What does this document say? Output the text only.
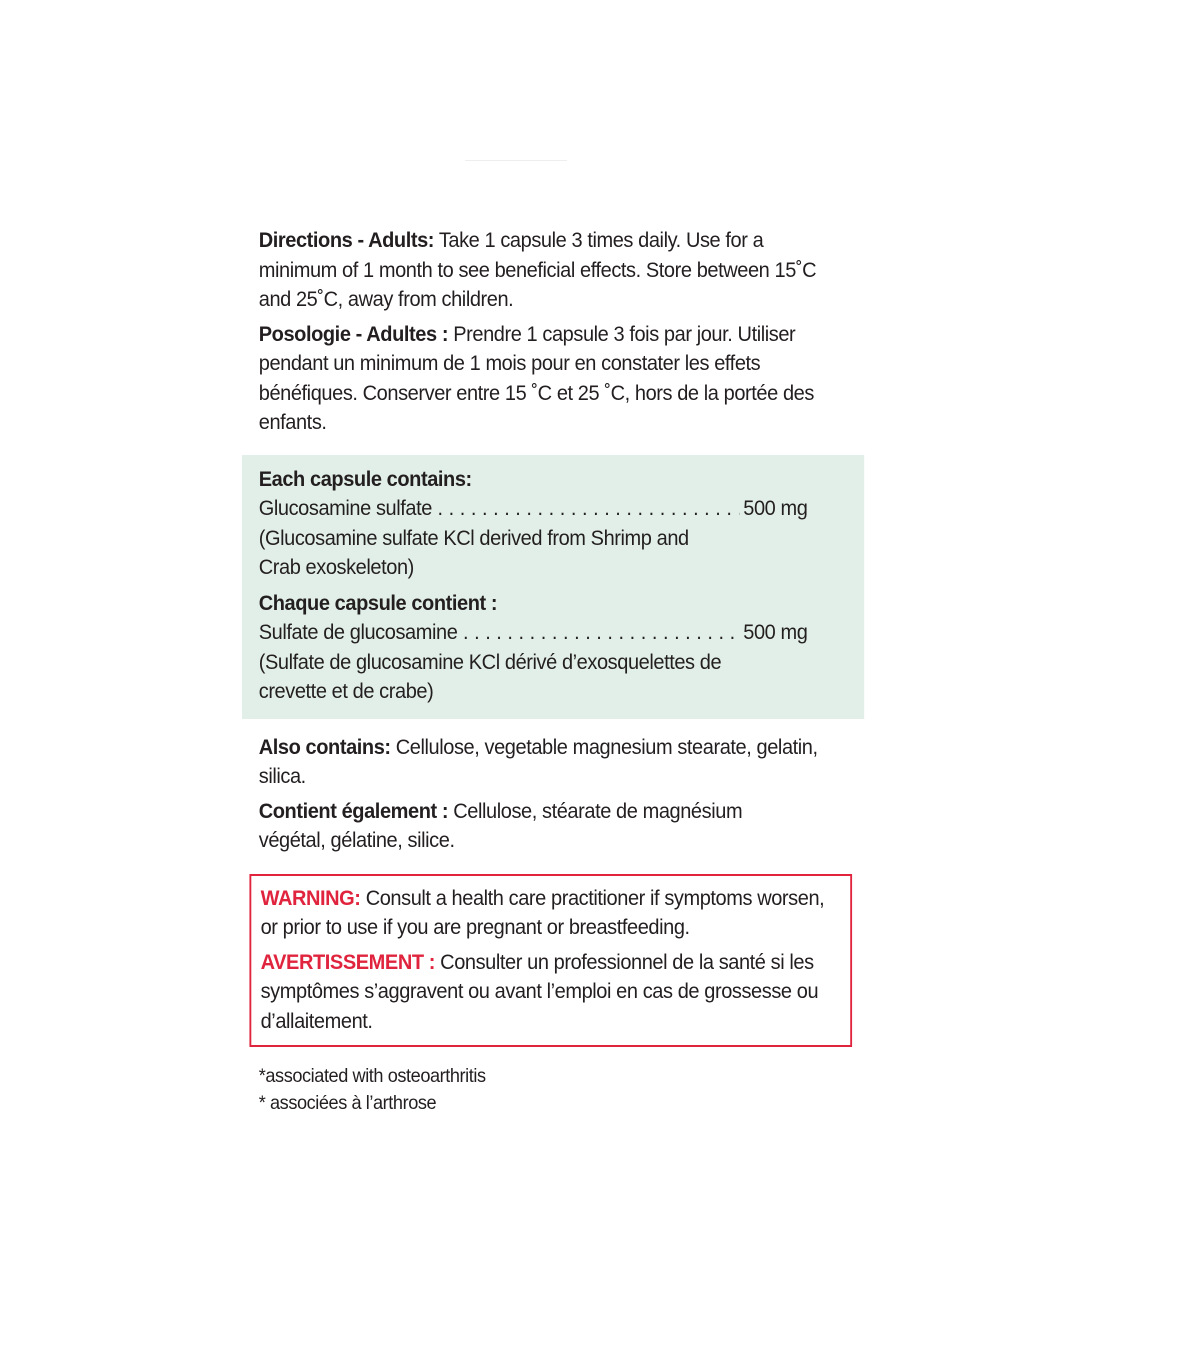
Directions - Adults: Take 1 capsule 3 times daily. Use for a minimum of 1 month to see beneficial effects. Store between 15˚C and 25˚C, away from children.

Posologie - Adultes : Prendre 1 capsule 3 fois par jour. Utiliser pendant un minimum de 1 mois pour en constater les effets bénéfiques. Conserver entre 15 ˚C et 25 ˚C, hors de la portée des enfants.

Each capsule contains:
Glucosamine sulfate . . .	500 mg
(Glucosamine sulfate KCl derived from Shrimp and Crab exoskeleton)
Chaque capsule contient :
Sulfate de glucosamine . . .	500 mg
(Sulfate de glucosamine KCl dérivé d’exosquelettes de crevette et de crabe)

Also contains: Cellulose, vegetable magnesium stearate, gelatin, silica.

Contient également : Cellulose, stéarate de magnésium végétal, gélatine, silice.

WARNING: Consult a health care practitioner if symptoms worsen, or prior to use if you are pregnant or breastfeeding.

AVERTISSEMENT : Consulter un professionnel de la santé si les symptômes s’aggravent ou avant l’emploi en cas de grossesse ou d’allaitement.

*associated with osteoarthritis
* associées à l’arthrose
